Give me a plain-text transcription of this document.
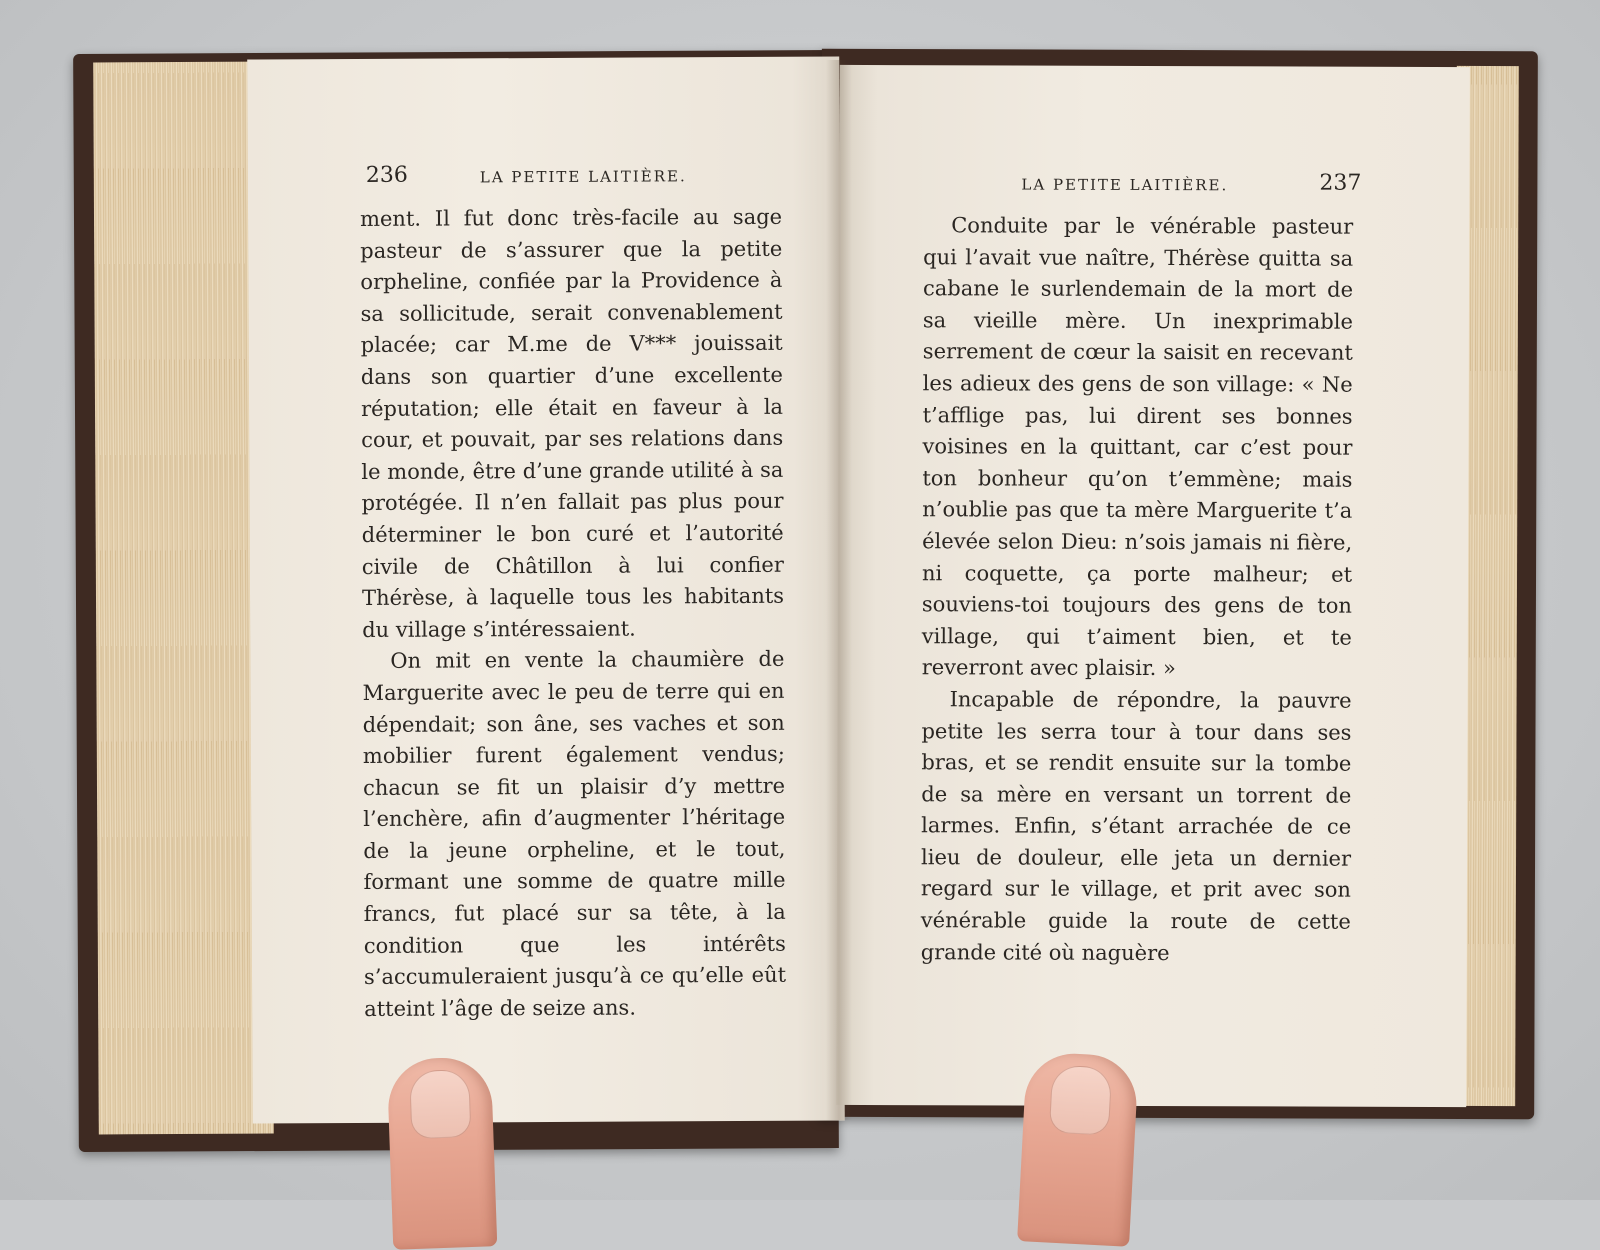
236	LA PETITE LAITIÈRE.

ment. Il fut donc très-facile au sage pasteur de s’assurer que la petite orpheline, confiée par la Providence à sa sollicitude, serait convenablement placée; car M.me de V*** jouissait dans son quartier d’une excellente réputation; elle était en faveur à la cour, et pouvait, par ses relations dans le monde, être d’une grande utilité à sa protégée. Il n’en fallait pas plus pour déterminer le bon curé et l’autorité civile de Châtillon à lui confier Thérèse, à laquelle tous les habitants du village s’intéressaient.

On mit en vente la chaumière de Marguerite avec le peu de terre qui en dépendait; son âne, ses vaches et son mobilier furent également vendus; chacun se fit un plaisir d’y mettre l’enchère, afin d’augmenter l’héritage de la jeune orpheline, et le tout, formant une somme de quatre mille francs, fut placé sur sa tête, à la condition que les intérêts s’accumuleraient jusqu’à ce qu’elle eût atteint l’âge de seize ans.

LA PETITE LAITIÈRE.	237

Conduite par le vénérable pasteur qui l’avait vue naître, Thérèse quitta sa cabane le surlendemain de la mort de sa vieille mère. Un inexprimable serrement de cœur la saisit en recevant les adieux des gens de son village: « Ne t’afflige pas, lui dirent ses bonnes voisines en la quittant, car c’est pour ton bonheur qu’on t’emmène; mais n’oublie pas que ta mère Marguerite t’a élevée selon Dieu: n’sois jamais ni fière, ni coquette, ça porte malheur; et souviens-toi toujours des gens de ton village, qui t’aiment bien, et te reverront avec plaisir. »

Incapable de répondre, la pauvre petite les serra tour à tour dans ses bras, et se rendit ensuite sur la tombe de sa mère en versant un torrent de larmes. Enfin, s’étant arrachée de ce lieu de douleur, elle jeta un dernier regard sur le village, et prit avec son vénérable guide la route de cette grande cité où naguère
